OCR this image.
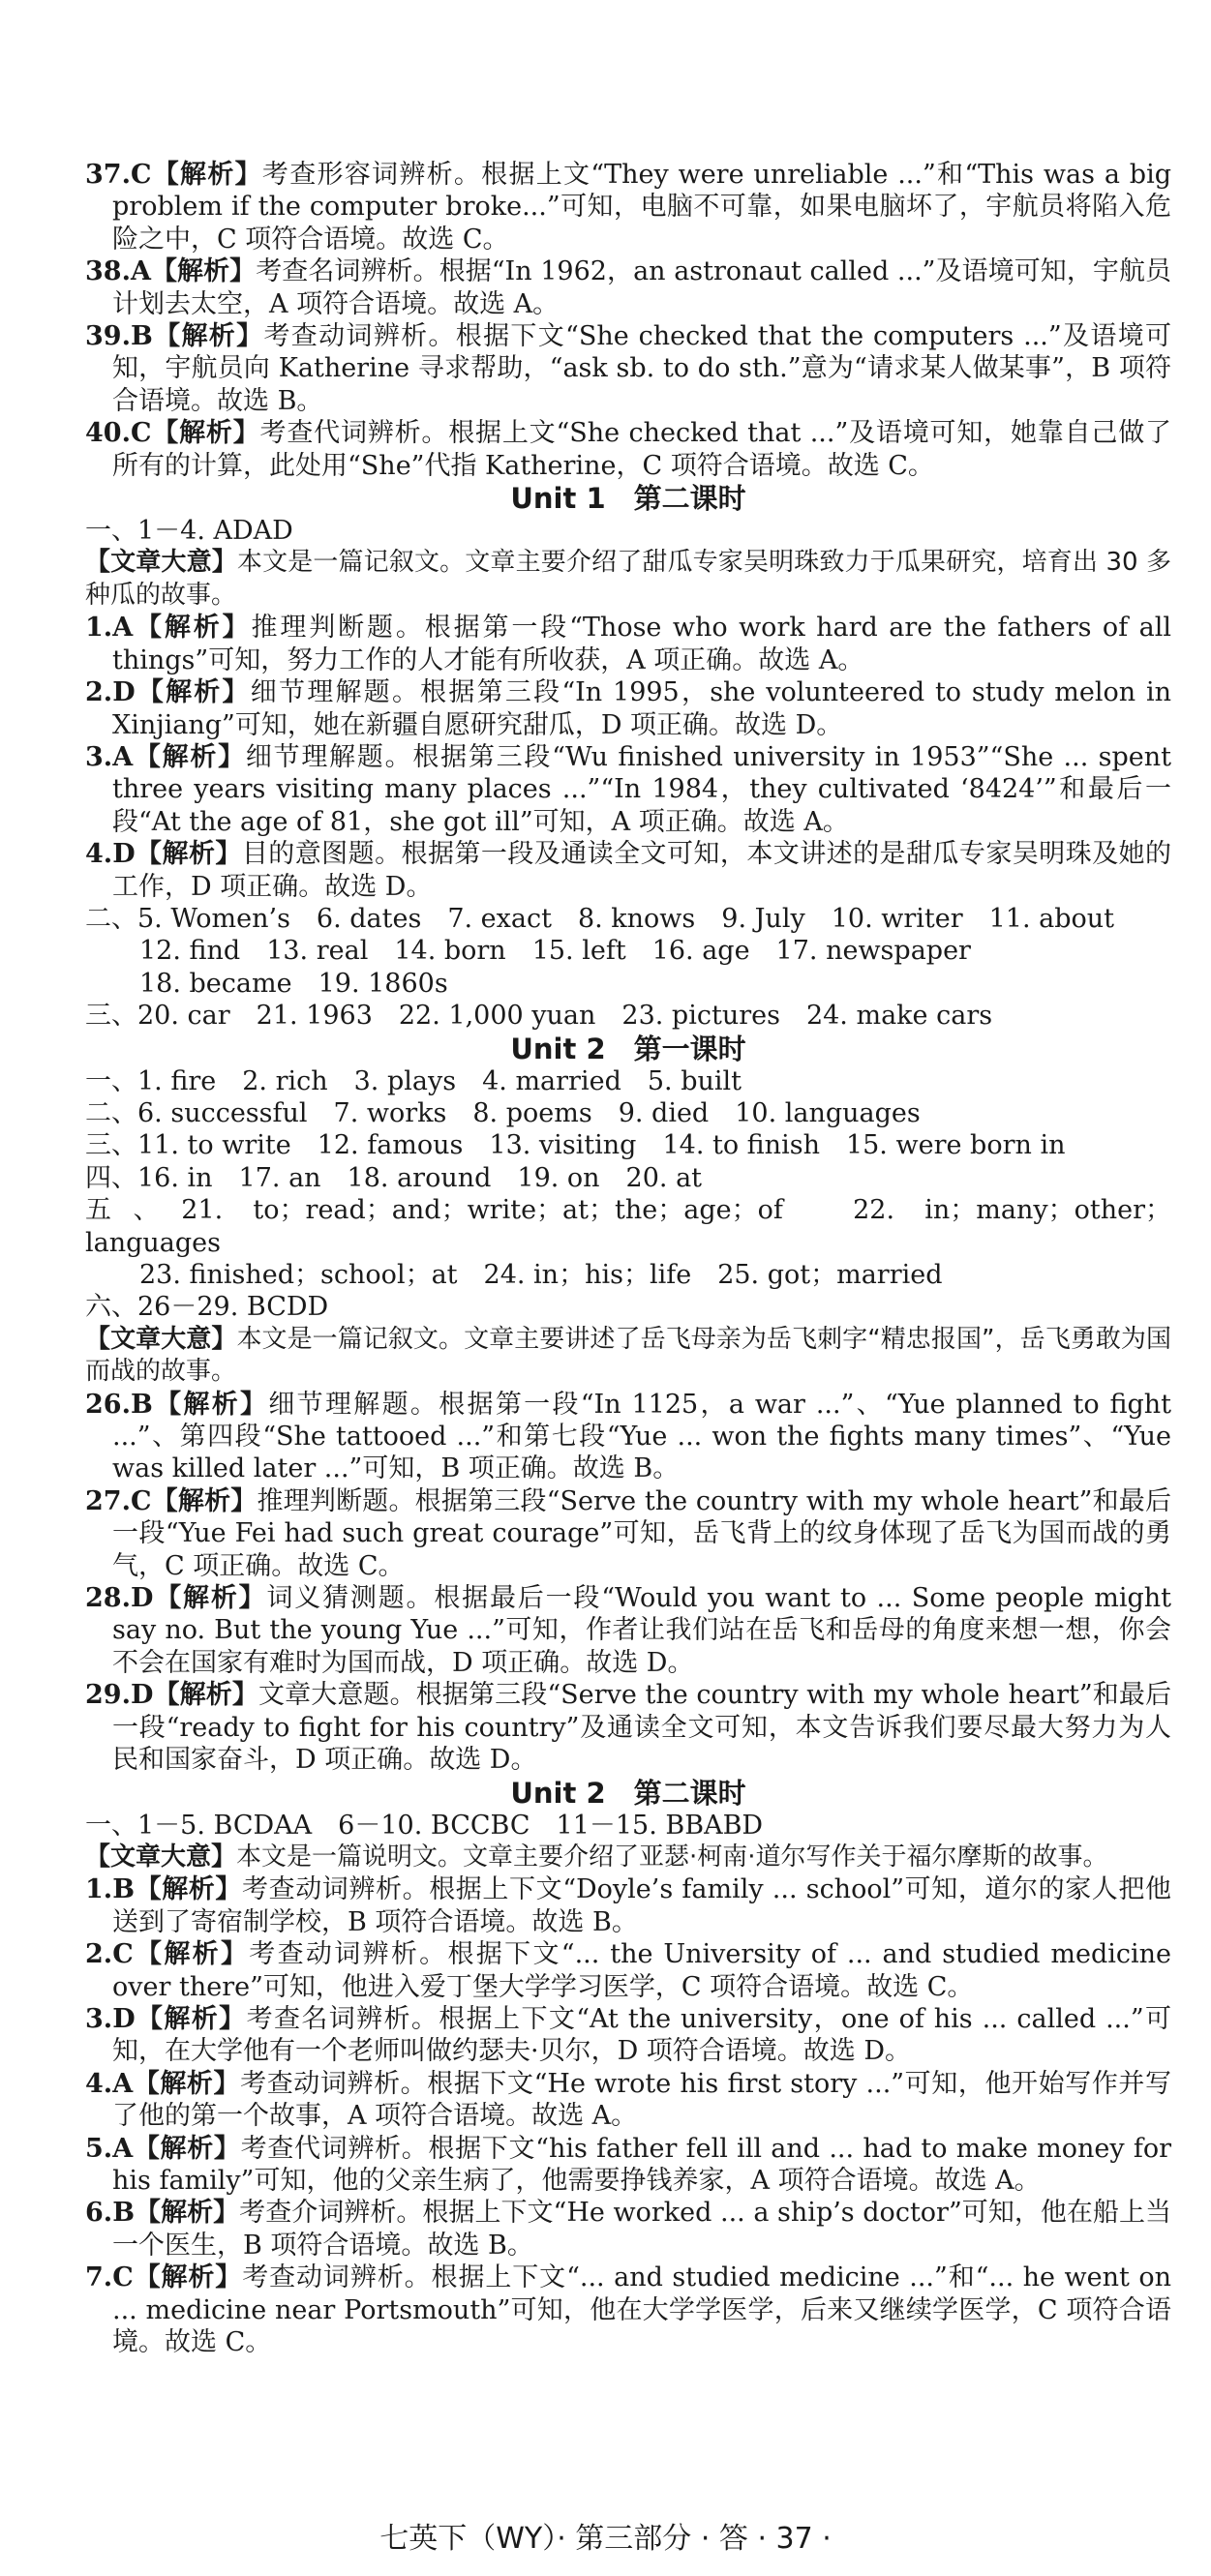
37.C【解析】考查形容词辨析。根据上文“They were unreliable ...”和“This was a big problem if the computer broke...”可知，电脑不可靠，如果电脑坏了，宇航员将陷入危险之中，C 项符合语境。故选 C。

38.A【解析】考查名词辨析。根据“In 1962，an astronaut called ...”及语境可知，宇航员计划去太空，A 项符合语境。故选 A。

39.B【解析】考查动词辨析。根据下文“She checked that the computers ...”及语境可知，宇航员向 Katherine 寻求帮助，“ask sb. to do sth.”意为“请求某人做某事”，B 项符合语境。故选 B。

40.C【解析】考查代词辨析。根据上文“She checked that ...”及语境可知，她靠自己做了所有的计算，此处用“She”代指 Katherine，C 项符合语境。故选 C。

Unit 1　第二课时

一、1－4. ADAD

【文章大意】本文是一篇记叙文。文章主要介绍了甜瓜专家吴明珠致力于瓜果研究，培育出 30 多种瓜的故事。

1.A【解析】推理判断题。根据第一段“Those who work hard are the fathers of all things”可知，努力工作的人才能有所收获，A 项正确。故选 A。

2.D【解析】细节理解题。根据第三段“In 1995，she volunteered to study melon in Xinjiang”可知，她在新疆自愿研究甜瓜，D 项正确。故选 D。

3.A【解析】细节理解题。根据第三段“Wu finished university in 1953”“She ... spent three years visiting many places ...”“In 1984，they cultivated ‘8424’”和最后一段“At the age of 81，she got ill”可知，A 项正确。故选 A。

4.D【解析】目的意图题。根据第一段及通读全文可知，本文讲述的是甜瓜专家吴明珠及她的工作，D 项正确。故选 D。

二、5. Women’s　6. dates　7. exact　8. knows　9. July　10. writer　11. about

12. find　13. real　14. born　15. left　16. age　17. newspaper

18. became　19. 1860s

三、20. car　21. 1963　22. 1,000 yuan　23. pictures　24. make cars

Unit 2　第一课时

一、1. fire　2. rich　3. plays　4. married　5. built

二、6. successful　7. works　8. poems　9. died　10. languages

三、11. to write　12. famous　13. visiting　14. to finish　15. were born in

四、16. in　17. an　18. around　19. on　20. at

五、21. to；read；and；write；at；the；age；of　22. in；many；other；languages

23. finished；school；at　24. in；his；life　25. got；married

六、26－29. BCDD

【文章大意】本文是一篇记叙文。文章主要讲述了岳飞母亲为岳飞刺字“精忠报国”，岳飞勇敢为国而战的故事。

26.B【解析】细节理解题。根据第一段“In 1125，a war ...”、“Yue planned to fight ...”、第四段“She tattooed ...”和第七段“Yue ... won the fights many times”、“Yue was killed later ...”可知，B 项正确。故选 B。

27.C【解析】推理判断题。根据第三段“Serve the country with my whole heart”和最后一段“Yue Fei had such great courage”可知，岳飞背上的纹身体现了岳飞为国而战的勇气，C 项正确。故选 C。

28.D【解析】词义猜测题。根据最后一段“Would you want to ... Some people might say no. But the young Yue ...”可知，作者让我们站在岳飞和岳母的角度来想一想，你会不会在国家有难时为国而战，D 项正确。故选 D。

29.D【解析】文章大意题。根据第三段“Serve the country with my whole heart”和最后一段“ready to fight for his country”及通读全文可知，本文告诉我们要尽最大努力为人民和国家奋斗，D 项正确。故选 D。

Unit 2　第二课时

一、1－5. BCDAA　6－10. BCCBC　11－15. BBABD

【文章大意】本文是一篇说明文。文章主要介绍了亚瑟·柯南·道尔写作关于福尔摩斯的故事。

1.B【解析】考查动词辨析。根据上下文“Doyle’s family ... school”可知，道尔的家人把他送到了寄宿制学校，B 项符合语境。故选 B。

2.C【解析】考查动词辨析。根据下文“... the University of ... and studied medicine over there”可知，他进入爱丁堡大学学习医学，C 项符合语境。故选 C。

3.D【解析】考查名词辨析。根据上下文“At the university，one of his ... called ...”可知，在大学他有一个老师叫做约瑟夫·贝尔，D 项符合语境。故选 D。

4.A【解析】考查动词辨析。根据下文“He wrote his first story ...”可知，他开始写作并写了他的第一个故事，A 项符合语境。故选 A。

5.A【解析】考查代词辨析。根据下文“his father fell ill and ... had to make money for his family”可知，他的父亲生病了，他需要挣钱养家，A 项符合语境。故选 A。

6.B【解析】考查介词辨析。根据上下文“He worked ... a ship’s doctor”可知，他在船上当一个医生，B 项符合语境。故选 B。

7.C【解析】考查动词辨析。根据上下文“... and studied medicine ...”和“... he went on ... medicine near Portsmouth”可知，他在大学学医学，后来又继续学医学，C 项符合语境。故选 C。

七英下（WY）· 第三部分 · 答 · 37 ·
